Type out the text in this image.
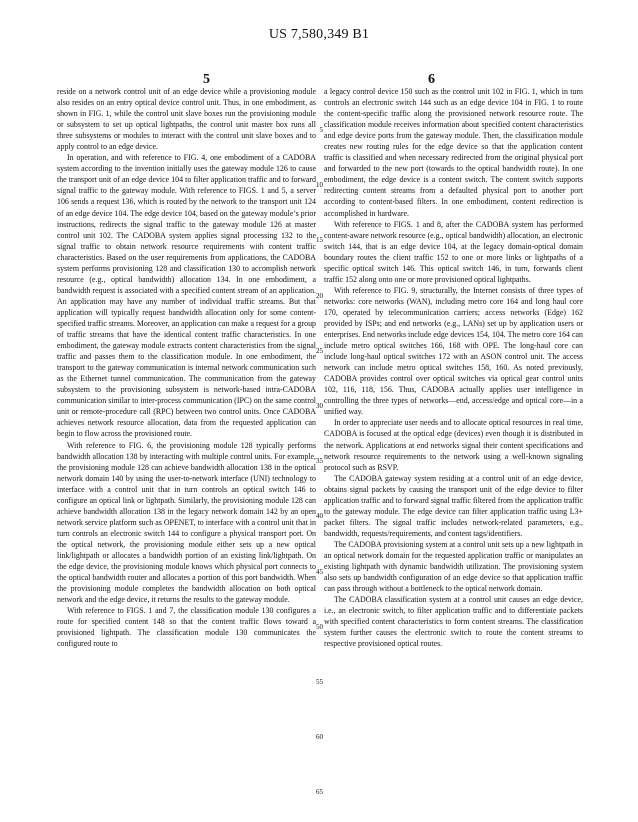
US 7,580,349 B1
5	6

reside on a network control unit of an edge device while a provisioning module also resides on an entry optical device control unit. Thus, in one embodiment, as shown in FIG. 1, while the control unit slave boxes run the provisioning module or subsystem to set up optical lightpaths, the control unit master box runs all three subsystems or modules to interact with the control unit slave boxes and to apply control to an edge device.

In operation, and with reference to FIG. 4, one embodiment of a CADOBA system according to the invention initially uses the gateway module 126 to cause the transport unit of an edge device 104 to filter application traffic and to forward signal traffic to the gateway module. With reference to FIGS. 1 and 5, a server 106 sends a request 136, which is routed by the network to the transport unit 124 of an edge device 104. The edge device 104, based on the gateway module’s prior instructions, redirects the signal traffic to the gateway module 126 at master control unit 102. The CADOBA system applies signal processing 132 to the signal traffic to obtain network resource requirements with content traffic characteristics. Based on the user requirements from applications, the CADOBA system performs provisioning 128 and classification 130 to accomplish network resource (e.g., optical bandwidth) allocation 134. In one embodiment, a bandwidth request is associated with a specified content stream of an application. An application may have any number of individual traffic streams. But that application will typically request bandwidth allocation only for some content-specified traffic streams. Moreover, an application can make a request for a group of traffic streams that have the identical content traffic characteristics. In one embodiment, the gateway module extracts content characteristics from the signal traffic and passes them to the classification module. In one embodiment, the transport to the gateway communication is internal network communication such as the Ethernet tunnel communication. The communication from the gateway subsystem to the provisioning subsystem is network-based intra-CADOBA communication similar to inter-process communication (IPC) on the same control unit or remote-procedure call (RPC) between two control units. Once CADOBA achieves network resource allocation, data from the requested application can begin to flow across the provisioned route.

With reference to FIG. 6, the provisioning module 128 typically performs bandwidth allocation 138 by interacting with multiple control units. For example, the provisioning module 128 can achieve bandwidth allocation 138 in the optical network domain 140 by using the user-to-network interface (UNI) technology to interface with a control unit that in turn controls an optical switch 146 to configure an optical link or lightpath. Similarly, the provisioning module 128 can achieve bandwidth allocation 138 in the legacy network domain 142 by an open network service platform such as OPENET, to interface with a control unit that in turn controls an electronic switch 144 to configure a physical transport port. On the optical network, the provisioning module either sets up a new optical link/lightpath or allocates a bandwidth portion of an existing link/lightpath. On the edge device, the provisioning module knows which physical port connects to the optical bandwidth router and allocates a portion of this port bandwidth. When the provisioning module completes the bandwidth allocation on both optical network and the edge device, it returns the results to the gateway module.

With reference to FIGS. 1 and 7, the classification module 130 configures a route for specified content 148 so that the content traffic flows toward a provisioned lightpath. The classification module 130 communicates the configured route to

a legacy control device 150 such as the control unit 102 in FIG. 1, which in turn controls an electronic switch 144 such as an edge device 104 in FIG. 1 to route the content-specific traffic along the provisioned network resource route. The classification module receives information about specified content characteristics and edge device ports from the gateway module. Then, the classification module creates new routing rules for the edge device so that the application content traffic is classified and when necessary redirected from the original physical port and forwarded to the new port (towards to the optical bandwidth route). In one embodiment, the edge device is a content switch. The content switch supports redirecting content streams from a defaulted physical port to another port according to content-based filters. In one embodiment, content redirection is accomplished in hardware.

With reference to FIGS. 1 and 8, after the CADOBA system has performed content-aware network resource (e.g., optical bandwidth) allocation, an electronic switch 144, that is an edge device 104, at the legacy domain-optical domain boundary routes the client traffic 152 to one or more links or lightpaths of a specific optical switch 146. This optical switch 146, in turn, forwards client traffic 152 along onto one or more provisioned optical lightpaths.

With reference to FIG. 9, structurally, the Internet consists of three types of networks: core networks (WAN), including metro core 164 and long haul core 170, operated by telecommunication carriers; access networks (Edge) 162 provided by ISPs; and end networks (e.g., LANs) set up by application users or enterprises. End networks include edge devices 154, 104. The metro core 164 can include metro optical switches 166, 168 with OPE. The long-haul core can include long-haul optical switches 172 with an ASON control unit. The access network can include metro optical switches 158, 160. As noted previously, CADOBA provides control over optical switches via optical gear control units 102, 116, 118, 156. Thus, CADOBA actually applies user intelligence in controlling the three types of networks—end, access/edge and optical core—in a unified way.

In order to appreciate user needs and to allocate optical resources in real time, CADOBA is focused at the optical edge (devices) even though it is distributed in the network. Applications at end networks signal their content specifications and network resource requirements to the network using a well-known signaling protocol such as RSVP.

The CADOBA gateway system residing at a control unit of an edge device, obtains signal packets by causing the transport unit of the edge device to filter application traffic and to forward signal traffic filtered from the application traffic to the gateway module. The edge device can filter application traffic using L3+ packet filters. The signal traffic includes network-related parameters, e.g., bandwidth, requests/requirements, and content tags/identifiers.

The CADOBA provisioning system at a control unit sets up a new lightpath in an optical network domain for the requested application traffic or manipulates an existing lightpath with dynamic bandwidth utilization. The provisioning system also sets up bandwidth configuration of an edge device so that application traffic can pass through without a bottleneck to the optical network domain.

The CADOBA classification system at a control unit causes an edge device, i.e., an electronic switch, to filter application traffic and to differentiate packets with specified content characteristics to form content streams. The classification system further causes the electronic switch to route the content streams to respective provisioned optical routes.

5
10
15
20
25
30
35
40
45
50
55
60
65
